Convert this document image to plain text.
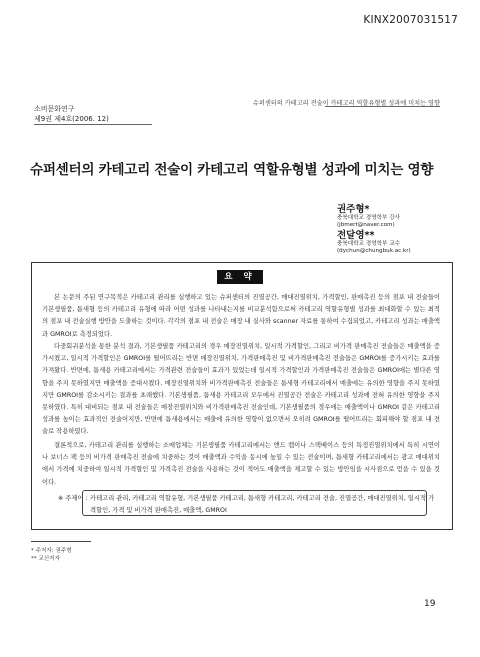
KINX2007031517
슈퍼센터의 카테고리 전술이 카테고리 역할유형별 성과에 미치는 영향
소비문화연구
제9권 제4호(2006. 12)
슈퍼센터의 카테고리 전술이 카테고리 역할유형별 성과에 미치는 영향
권주형*
충북대학교 경영학부 강사
(jbmert@naver.com)
전달영**
충북대학교 경영학부 교수
(dychun@chungbuk.ac.kr)
요 약
본 논문의 주된 연구목적은 카테고리 관리를 실행하고 있는 슈퍼센터의 진열공간, 매대진열위치, 가격할인, 판매촉진 등의 점포 내 전술들이 기본생필품, 틈새형 등의 카테고리 유형에 따라 어떤 성과를 나타내는지를 비교분석함으로써 카테고리 역할유형별 성과를 최대화할 수 있는 최적의 점포 내 전술실행 방안을 도출하는 것이다. 각각의 점포 내 전술은 매장 내 실사와 scanner 자료를 통하여 수집되었고, 카테고리 성과는 매출액과 GMROI로 측정되었다.
다중회귀분석을 통한 분석 결과, 기본생필품 카테고리의 경우 매장진열위치, 일시적 가격할인, 그리고 비가격 판매촉진 전술들은 매출액을 증가시켰고, 일시적 가격할인은 GMROI를 떨어뜨리는 반면 매장진열위치, 가격판매촉진 및 비가격판매촉진 전술들은 GMROI를 증가시키는 효과를 가져왔다. 반면에, 틈새용 카테고리에서는 가격관련 전술들이 효과가 있었는데 일시적 가격할인과 가격판매촉진 전술들은 GMROI에는 별다른 영향을 주지 못하였지만 매출액을 증대시켰다. 매장진열위치와 비가격판매촉진 전술들은 틈새형 카테고리에서 매출에는 유의한 영향을 주지 못하였지만 GMROI를 감소시키는 결과를 초래했다. 기본생필품, 틈새용 카테고리 모두에서 진열공간 전술은 카테고리 성과에 전혀 유의한 영향을 주지 못하였다. 특히 대비되는 점포 내 전술들은 매장진열위치와 비가격판매촉진 전술인데, 기본생필품의 경우에는 매출액이나 GMROI 같은 카테고리 성과를 높이는 효과적인 전술이지만, 반면에 틈새용에서는 매출에 유의한 영향이 없으면서 오히려 GMROI를 떨어뜨리는 회피해야 할 점포 내 전술로 작용하였다.
결론적으로, 카테고리 관리를 실행하는 소매업체는 기본생필품 카테고리에서는 엔드 캡이나 스택베이스 등의 특정진열위치에서 특히 시연이나 보너스 팩 등의 비가격 판매촉진 전술에 치중하는 것이 매출액과 수익을 동시에 높일 수 있는 전술이며, 틈새형 카테고리에서는 광고 매대위치에서 가격에 치중하여 일시적 가격할인 및 가격촉진 전술을 사용하는 것이 적어도 매출액을 제고할 수 있는 방안임을 시사점으로 얻을 수 있을 것이다.
※ 주제어 : 카테고리 관리, 카테고리 역할유형, 기본생필품 카테고리, 틈새형 카테고리, 카테고리 전술, 진열공간, 매대진열위치, 일시적 가격할인, 가격 및 비가격 판매촉진, 매출액, GMROI
* 주저자: 권주형
** 교신저자
19
